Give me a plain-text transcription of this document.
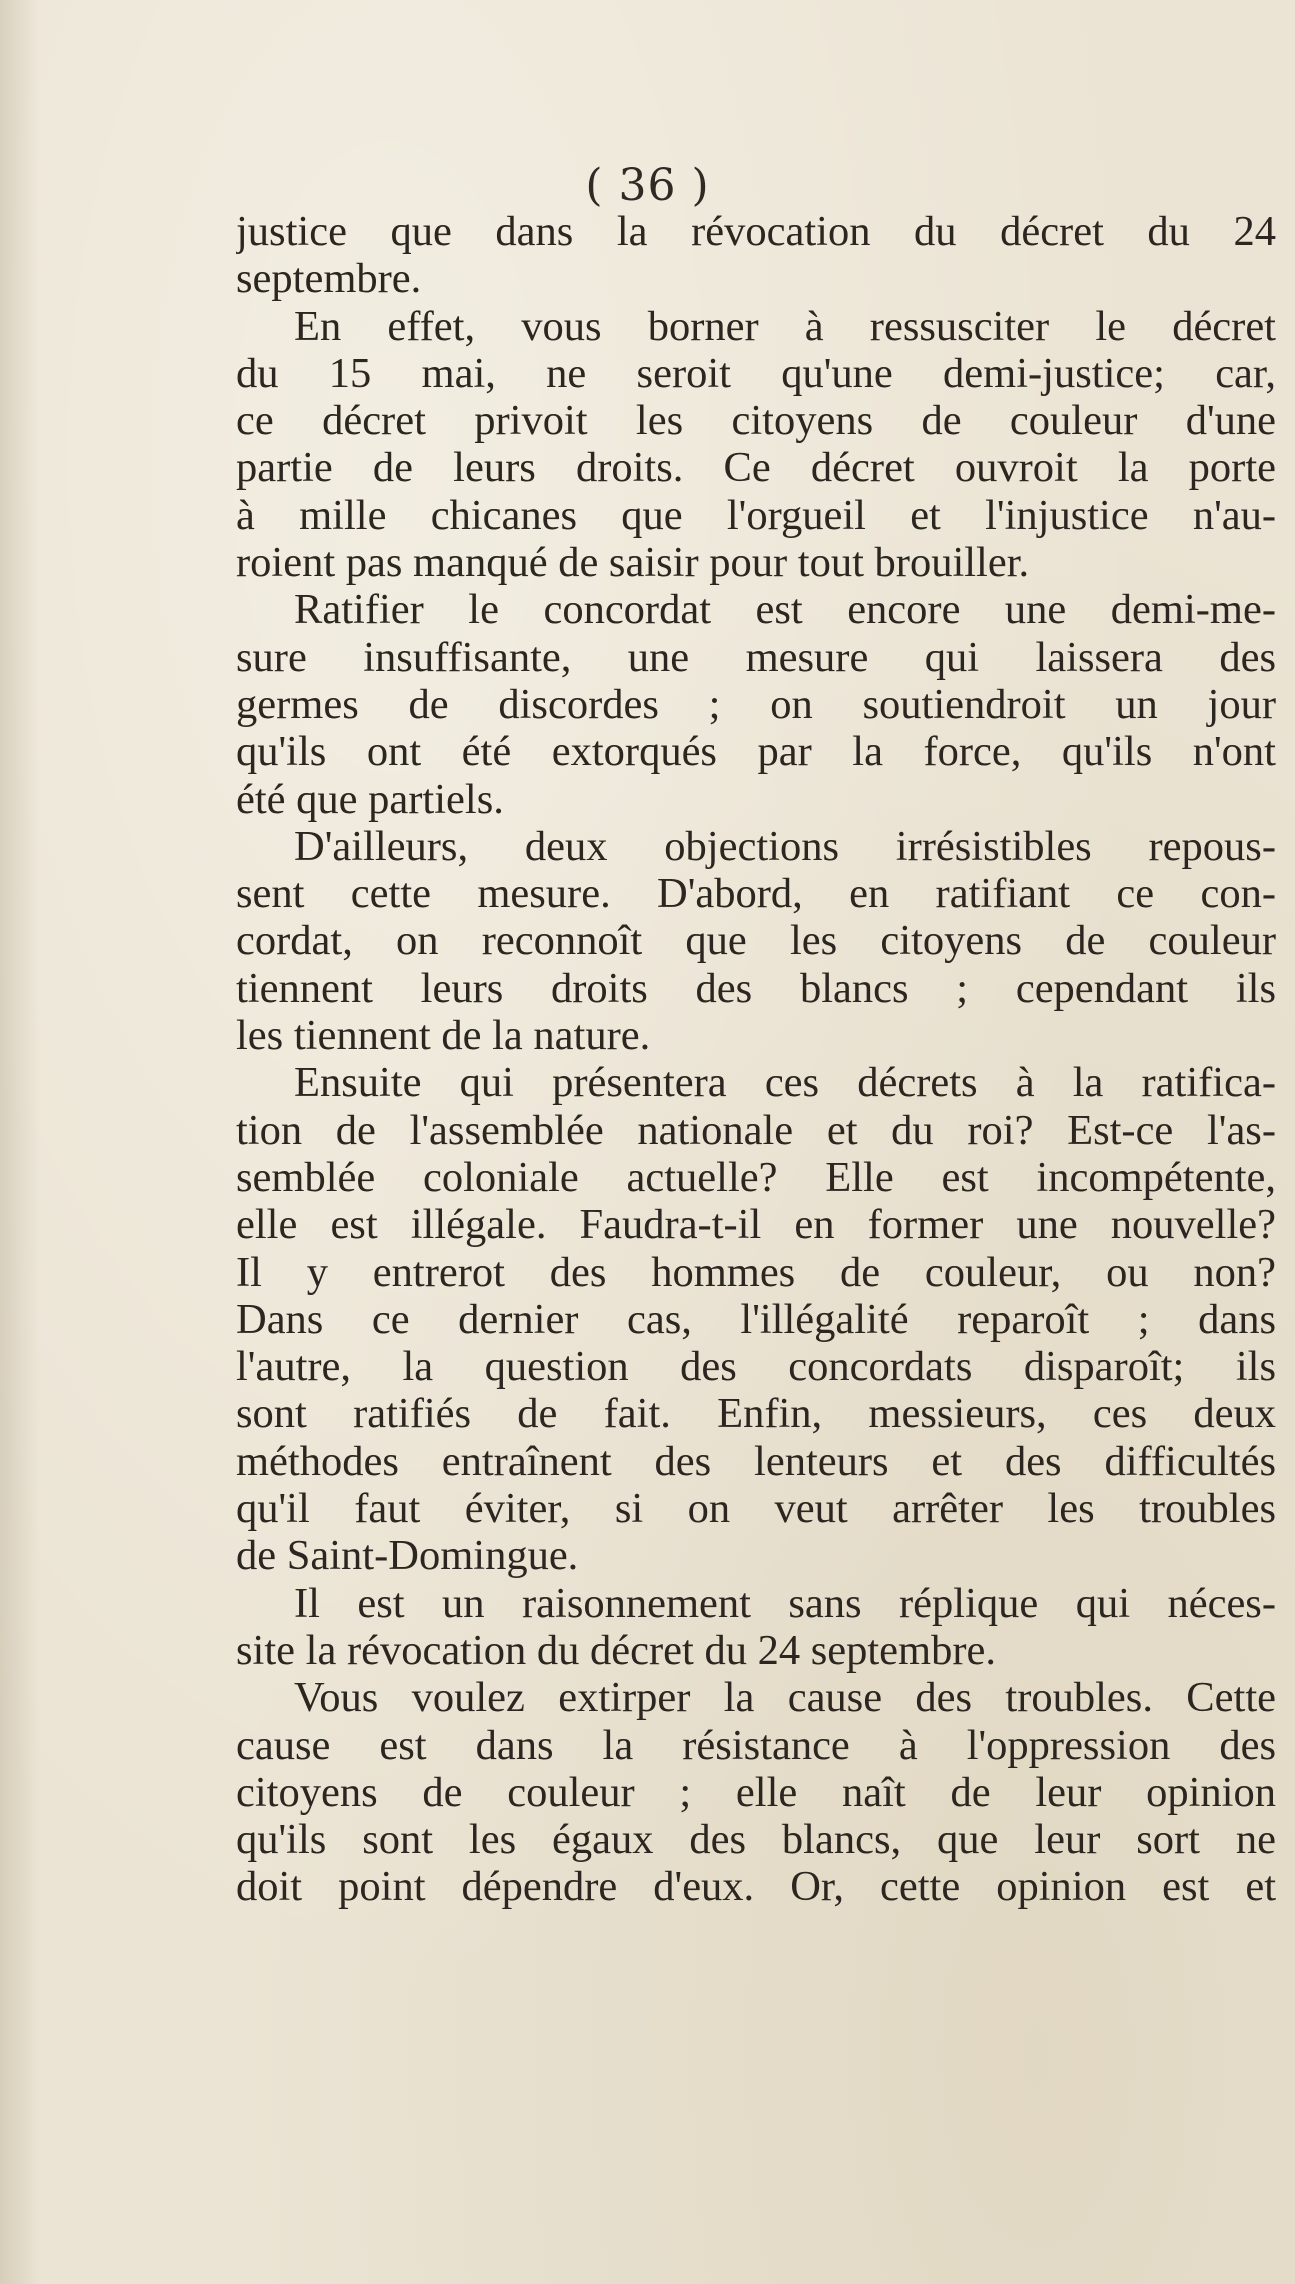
( 36 )
justice que dans la révocation du décret du 24
septembre.
En effet, vous borner à ressusciter le décret
du 15 mai, ne seroit qu'une demi-justice; car,
ce décret privoit les citoyens de couleur d'une
partie de leurs droits. Ce décret ouvroit la porte
à mille chicanes que l'orgueil et l'injustice n'au-
roient pas manqué de saisir pour tout brouiller.
Ratifier le concordat est encore une demi-me-
sure insuffisante, une mesure qui laissera des
germes de discordes ; on soutiendroit un jour
qu'ils ont été extorqués par la force, qu'ils n'ont
été que partiels.
D'ailleurs, deux objections irrésistibles repous-
sent cette mesure. D'abord, en ratifiant ce con-
cordat, on reconnoît que les citoyens de couleur
tiennent leurs droits des blancs ; cependant ils
les tiennent de la nature.
Ensuite qui présentera ces décrets à la ratifica-
tion de l'assemblée nationale et du roi? Est-ce l'as-
semblée coloniale actuelle? Elle est incompétente,
elle est illégale. Faudra-t-il en former une nouvelle?
Il y entrerot des hommes de couleur, ou non?
Dans ce dernier cas, l'illégalité reparoît ; dans
l'autre, la question des concordats disparoît; ils
sont ratifiés de fait. Enfin, messieurs, ces deux
méthodes entraînent des lenteurs et des difficultés
qu'il faut éviter, si on veut arrêter les troubles
de Saint-Domingue.
Il est un raisonnement sans réplique qui néces-
site la révocation du décret du 24 septembre.
Vous voulez extirper la cause des troubles. Cette
cause est dans la résistance à l'oppression des
citoyens de couleur ; elle naît de leur opinion
qu'ils sont les égaux des blancs, que leur sort ne
doit point dépendre d'eux. Or, cette opinion est et
